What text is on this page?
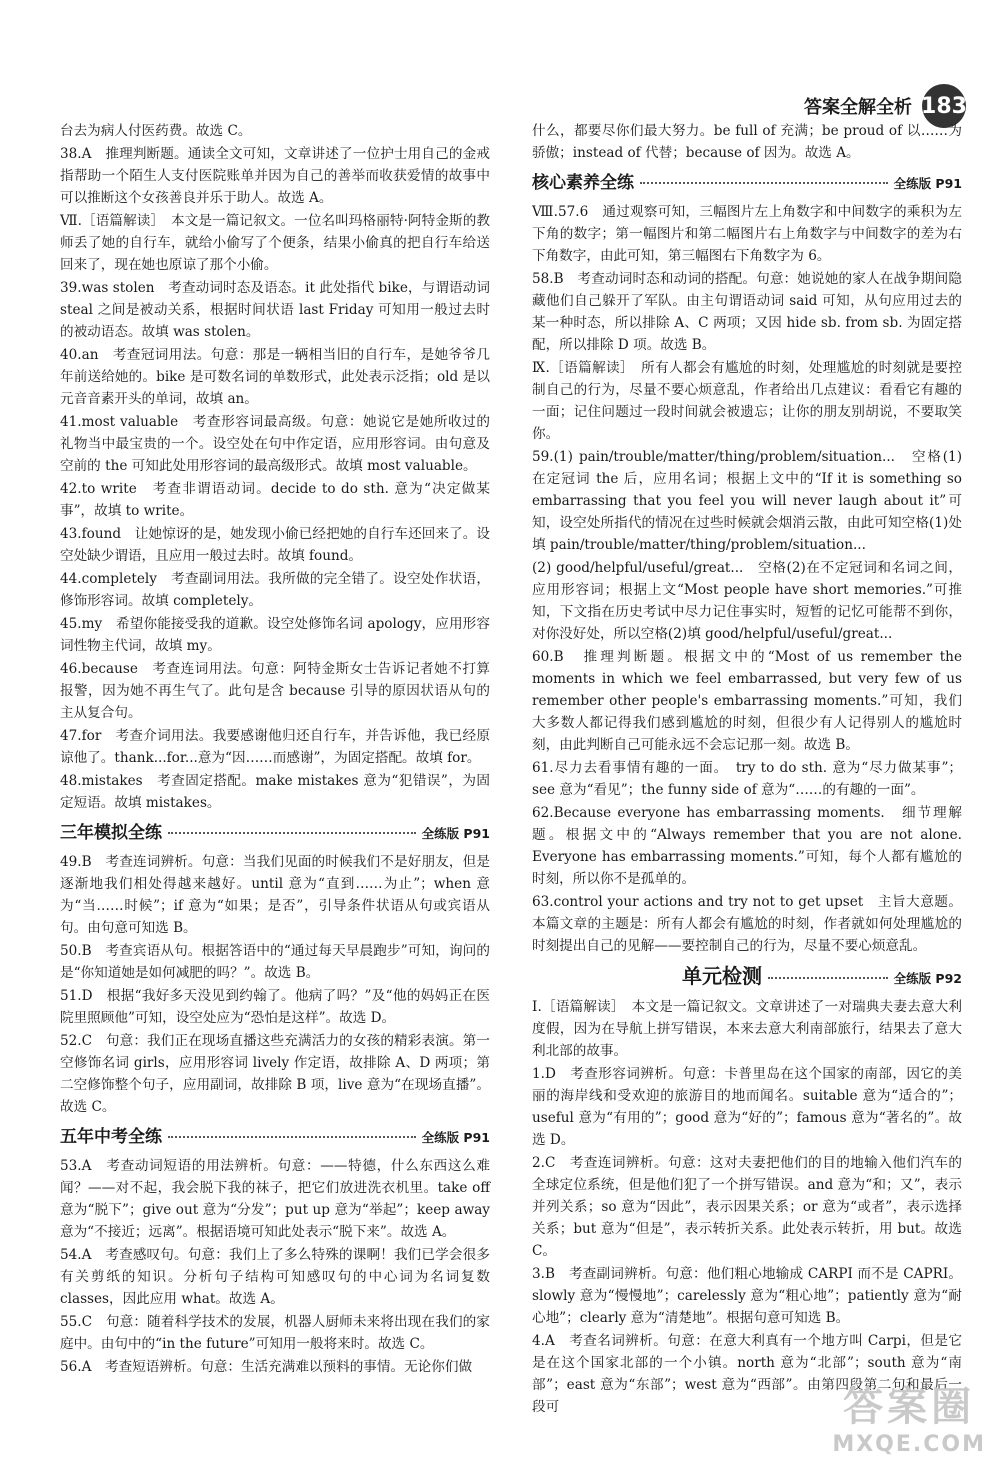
答案全解全析 183

台去为病人付医药费。故选 C。

38.A　推理判断题。通读全文可知，文章讲述了一位护士用自己的金戒指帮助一个陌生人支付医院账单并因为自己的善举而收获爱情的故事中可以推断这个女孩善良并乐于助人。故选 A。

Ⅶ.［语篇解读］　本文是一篇记叙文。一位名叫玛格丽特·阿特金斯的教师丢了她的自行车，就给小偷写了个便条，结果小偷真的把自行车给送回来了，现在她也原谅了那个小偷。

39.was stolen　考查动词时态及语态。it 此处指代 bike，与谓语动词 steal 之间是被动关系，根据时间状语 last Friday 可知用一般过去时的被动语态。故填 was stolen。

40.an　考查冠词用法。句意：那是一辆相当旧的自行车，是她爷爷几年前送给她的。bike 是可数名词的单数形式，此处表示泛指；old 是以元音音素开头的单词，故填 an。

41.most valuable　考查形容词最高级。句意：她说它是她所收过的礼物当中最宝贵的一个。设空处在句中作定语，应用形容词。由句意及空前的 the 可知此处用形容词的最高级形式。故填 most valuable。

42.to write　考查非谓语动词。decide to do sth. 意为“决定做某事”，故填 to write。

43.found　让她惊讶的是，她发现小偷已经把她的自行车还回来了。设空处缺少谓语，且应用一般过去时。故填 found。

44.completely　考查副词用法。我所做的完全错了。设空处作状语，修饰形容词。故填 completely。

45.my　希望你能接受我的道歉。设空处修饰名词 apology，应用形容词性物主代词，故填 my。

46.because　考查连词用法。句意：阿特金斯女士告诉记者她不打算报警，因为她不再生气了。此句是含 because 引导的原因状语从句的主从复合句。

47.for　考查介词用法。我要感谢他归还自行车，并告诉他，我已经原谅他了。thank...for...意为“因……而感谢”，为固定搭配。故填 for。

48.mistakes　考查固定搭配。make mistakes 意为“犯错误”，为固定短语。故填 mistakes。

三年模拟全练	全练版 P91

49.B　考查连词辨析。句意：当我们见面的时候我们不是好朋友，但是逐渐地我们相处得越来越好。until 意为“直到……为止”；when 意为“当……时候”；if 意为“如果；是否”，引导条件状语从句或宾语从句。由句意可知选 B。

50.B　考查宾语从句。根据答语中的“通过每天早晨跑步”可知，询问的是“你知道她是如何减肥的吗？”。故选 B。

51.D　根据“我好多天没见到约翰了。他病了吗？”及“他的妈妈正在医院里照顾他”可知，设空处应为“恐怕是这样”。故选 D。

52.C　句意：我们正在现场直播这些充满活力的女孩的精彩表演。第一空修饰名词 girls，应用形容词 lively 作定语，故排除 A、D 两项；第二空修饰整个句子，应用副词，故排除 B 项，live 意为“在现场直播”。故选 C。

五年中考全练	全练版 P91

53.A　考查动词短语的用法辨析。句意：——特德，什么东西这么难闻？——对不起，我会脱下我的袜子，把它们放进洗衣机里。take off 意为“脱下”；give out 意为“分发”；put up 意为“举起”；keep away 意为“不接近；远离”。根据语境可知此处表示“脱下来”。故选 A。

54.A　考查感叹句。句意：我们上了多么特殊的课啊！我们已学会很多有关剪纸的知识。分析句子结构可知感叹句的中心词为名词复数 classes，因此应用 what。故选 A。

55.C　句意：随着科学技术的发展，机器人厨师未来将出现在我们的家庭中。由句中的“in the future”可知用一般将来时。故选 C。

56.A　考查短语辨析。句意：生活充满难以预料的事情。无论你们做

什么，都要尽你们最大努力。be full of 充满；be proud of 以……为骄傲；instead of 代替；because of 因为。故选 A。

核心素养全练	全练版 P91

Ⅷ.57.6　通过观察可知，三幅图片左上角数字和中间数字的乘积为左下角的数字；第一幅图片和第二幅图片右上角数字与中间数字的差为右下角数字，由此可知，第三幅图右下角数字为 6。

58.B　考查动词时态和动词的搭配。句意：她说她的家人在战争期间隐藏他们自己躲开了军队。由主句谓语动词 said 可知，从句应用过去的某一种时态，所以排除 A、C 两项；又因 hide sb. from sb. 为固定搭配，所以排除 D 项。故选 B。

Ⅸ.［语篇解读］　所有人都会有尴尬的时刻，处理尴尬的时刻就是要控制自己的行为，尽量不要心烦意乱，作者给出几点建议：看看它有趣的一面；记住问题过一段时间就会被遗忘；让你的朋友别胡说，不要取笑你。

59.(1) pain/trouble/matter/thing/problem/situation...　空格(1)在定冠词 the 后，应用名词；根据上文中的“If it is something so embarrassing that you feel you will never laugh about it”可知，设空处所指代的情况在过些时候就会烟消云散，由此可知空格(1)处填 pain/trouble/matter/thing/problem/situation...

(2) good/helpful/useful/great...　空格(2)在不定冠词和名词之间，应用形容词；根据上文“Most people have short memories.”可推知，下文指在历史考试中尽力记住事实时，短暂的记忆可能帮不到你，对你没好处，所以空格(2)填 good/helpful/useful/great...

60.B　推理判断题。根据文中的“Most of us remember the moments in which we feel embarrassed, but very few of us remember other people's embarrassing moments.”可知，我们大多数人都记得我们感到尴尬的时刻，但很少有人记得别人的尴尬时刻，由此判断自己可能永远不会忘记那一刻。故选 B。

61.尽力去看事情有趣的一面。　try to do sth. 意为“尽力做某事”；see 意为“看见”；the funny side of 意为“……的有趣的一面”。

62.Because everyone has embarrassing moments.　细节理解题。根据文中的“Always remember that you are not alone. Everyone has embarrassing moments.”可知，每个人都有尴尬的时刻，所以你不是孤单的。

63.control your actions and try not to get upset　主旨大意题。本篇文章的主题是：所有人都会有尴尬的时刻，作者就如何处理尴尬的时刻提出自己的见解——要控制自己的行为，尽量不要心烦意乱。

单元检测	全练版 P92

Ⅰ.［语篇解读］　本文是一篇记叙文。文章讲述了一对瑞典夫妻去意大利度假，因为在导航上拼写错误，本来去意大利南部旅行，结果去了意大利北部的故事。

1.D　考查形容词辨析。句意：卡普里岛在这个国家的南部，因它的美丽的海岸线和受欢迎的旅游目的地而闻名。suitable 意为“适合的”；useful 意为“有用的”；good 意为“好的”；famous 意为“著名的”。故选 D。

2.C　考查连词辨析。句意：这对夫妻把他们的目的地输入他们汽车的全球定位系统，但是他们犯了一个拼写错误。and 意为“和；又”，表示并列关系；so 意为“因此”，表示因果关系；or 意为“或者”，表示选择关系；but 意为“但是”，表示转折关系。此处表示转折，用 but。故选 C。

3.B　考查副词辨析。句意：他们粗心地输成 CARPI 而不是 CAPRI。slowly 意为“慢慢地”；carelessly 意为“粗心地”；patiently 意为“耐心地”；clearly 意为“清楚地”。根据句意可知选 B。

4.A　考查名词辨析。句意：在意大利真有一个地方叫 Carpi，但是它是在这个国家北部的一个小镇。north 意为“北部”；south 意为“南部”；east 意为“东部”；west 意为“西部”。由第四段第二句和最后一段可	答案圈
MXQE.COM
